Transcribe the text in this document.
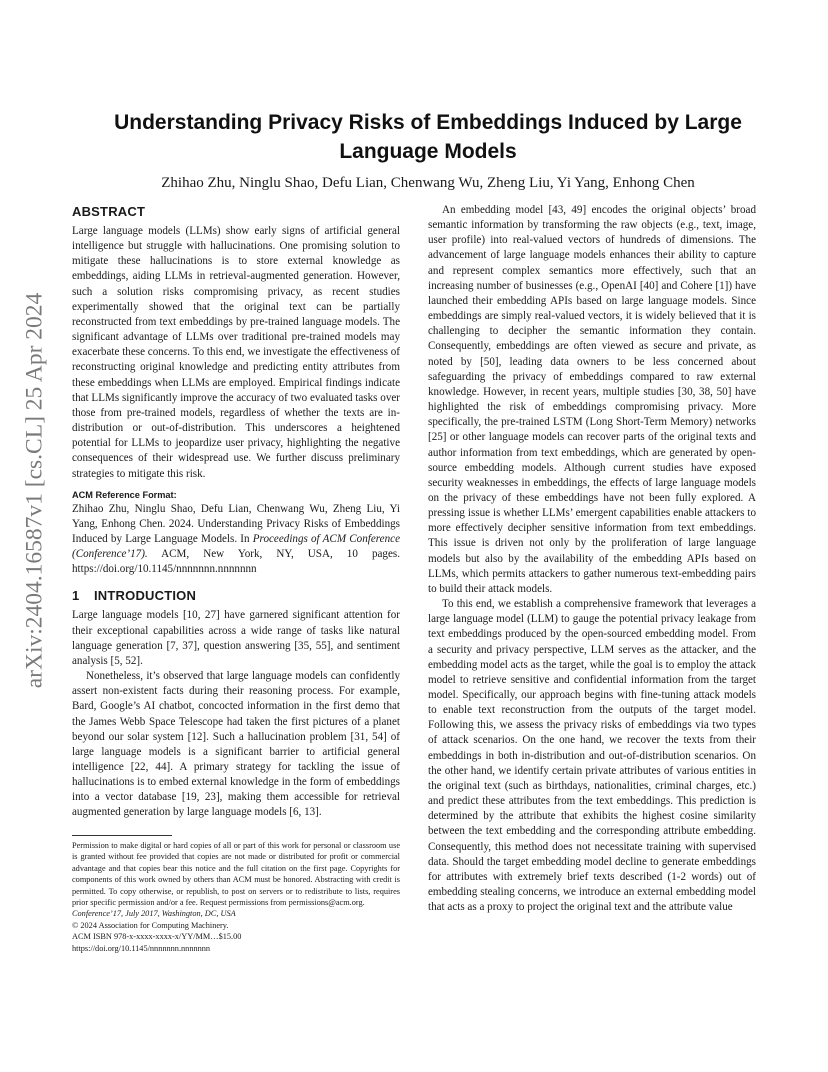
arXiv:2404.16587v1 [cs.CL] 25 Apr 2024
Understanding Privacy Risks of Embeddings Induced by Large Language Models
Zhihao Zhu, Ninglu Shao, Defu Lian, Chenwang Wu, Zheng Liu, Yi Yang, Enhong Chen
ABSTRACT

Large language models (LLMs) show early signs of artificial general intelligence but struggle with hallucinations. One promising solution to mitigate these hallucinations is to store external knowledge as embeddings, aiding LLMs in retrieval-augmented generation. However, such a solution risks compromising privacy, as recent studies experimentally showed that the original text can be partially reconstructed from text embeddings by pre-trained language models. The significant advantage of LLMs over traditional pre-trained models may exacerbate these concerns. To this end, we investigate the effectiveness of reconstructing original knowledge and predicting entity attributes from these embeddings when LLMs are employed. Empirical findings indicate that LLMs significantly improve the accuracy of two evaluated tasks over those from pre-trained models, regardless of whether the texts are in-distribution or out-of-distribution. This underscores a heightened potential for LLMs to jeopardize user privacy, highlighting the negative consequences of their widespread use. We further discuss preliminary strategies to mitigate this risk.

ACM Reference Format:

Zhihao Zhu, Ninglu Shao, Defu Lian, Chenwang Wu, Zheng Liu, Yi Yang, Enhong Chen. 2024. Understanding Privacy Risks of Embeddings Induced by Large Language Models. In Proceedings of ACM Conference (Conference’17). ACM, New York, NY, USA, 10 pages. https://doi.org/10.1145/nnnnnnn.nnnnnnn

1 INTRODUCTION

Large language models [10, 27] have garnered significant attention for their exceptional capabilities across a wide range of tasks like natural language generation [7, 37], question answering [35, 55], and sentiment analysis [5, 52].

Nonetheless, it’s observed that large language models can confidently assert non-existent facts during their reasoning process. For example, Bard, Google’s AI chatbot, concocted information in the first demo that the James Webb Space Telescope had taken the first pictures of a planet beyond our solar system [12]. Such a hallucination problem [31, 54] of large language models is a significant barrier to artificial general intelligence [22, 44]. A primary strategy for tackling the issue of hallucinations is to embed external knowledge in the form of embeddings into a vector database [19, 23], making them accessible for retrieval augmented generation by large language models [6, 13].

An embedding model [43, 49] encodes the original objects’ broad semantic information by transforming the raw objects (e.g., text, image, user profile) into real-valued vectors of hundreds of dimensions. The advancement of large language models enhances their ability to capture and represent complex semantics more effectively, such that an increasing number of businesses (e.g., OpenAI [40] and Cohere [1]) have launched their embedding APIs based on large language models. Since embeddings are simply real-valued vectors, it is widely believed that it is challenging to decipher the semantic information they contain. Consequently, embeddings are often viewed as secure and private, as noted by [50], leading data owners to be less concerned about safeguarding the privacy of embeddings compared to raw external knowledge. However, in recent years, multiple studies [30, 38, 50] have highlighted the risk of embeddings compromising privacy. More specifically, the pre-trained LSTM (Long Short-Term Memory) networks [25] or other language models can recover parts of the original texts and author information from text embeddings, which are generated by open-source embedding models. Although current studies have exposed security weaknesses in embeddings, the effects of large language models on the privacy of these embeddings have not been fully explored. A pressing issue is whether LLMs’ emergent capabilities enable attackers to more effectively decipher sensitive information from text embeddings. This issue is driven not only by the proliferation of large language models but also by the availability of the embedding APIs based on LLMs, which permits attackers to gather numerous text-embedding pairs to build their attack models.

To this end, we establish a comprehensive framework that leverages a large language model (LLM) to gauge the potential privacy leakage from text embeddings produced by the open-sourced embedding model. From a security and privacy perspective, LLM serves as the attacker, and the embedding model acts as the target, while the goal is to employ the attack model to retrieve sensitive and confidential information from the target model. Specifically, our approach begins with fine-tuning attack models to enable text reconstruction from the outputs of the target model. Following this, we assess the privacy risks of embeddings via two types of attack scenarios. On the one hand, we recover the texts from their embeddings in both in-distribution and out-of-distribution scenarios. On the other hand, we identify certain private attributes of various entities in the original text (such as birthdays, nationalities, criminal charges, etc.) and predict these attributes from the text embeddings. This prediction is determined by the attribute that exhibits the highest cosine similarity between the text embedding and the corresponding attribute embedding. Consequently, this method does not necessitate training with supervised data. Should the target embedding model decline to generate embeddings for attributes with extremely brief texts described (1-2 words) out of embedding stealing concerns, we introduce an external embedding model that acts as a proxy to project the original text and the attribute value

Permission to make digital or hard copies of all or part of this work for personal or classroom use is granted without fee provided that copies are not made or distributed for profit or commercial advantage and that copies bear this notice and the full citation on the first page. Copyrights for components of this work owned by others than ACM must be honored. Abstracting with credit is permitted. To copy otherwise, or republish, to post on servers or to redistribute to lists, requires prior specific permission and/or a fee. Request permissions from permissions@acm.org.
Conference’17, July 2017, Washington, DC, USA
© 2024 Association for Computing Machinery.
ACM ISBN 978-x-xxxx-xxxx-x/YY/MM…$15.00
https://doi.org/10.1145/nnnnnnn.nnnnnnn
